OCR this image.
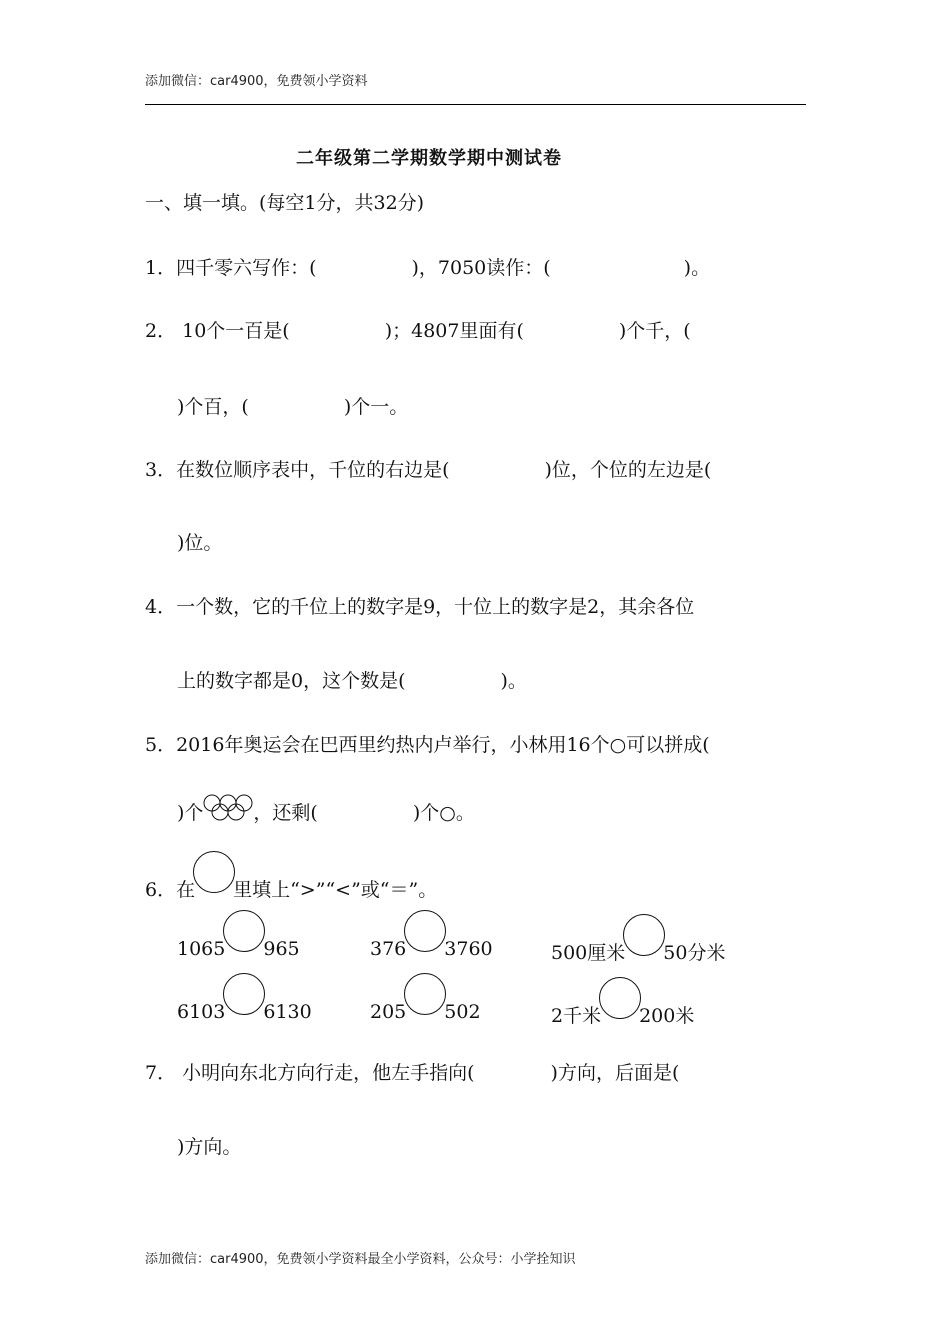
添加微信：car4900，免费领小学资料
二年级第二学期数学期中测试卷
一、填一填。(每空1分，共32分)
1．四千零六写作：(　　　　　)，7050读作：(　　　　　　　)。
2． 10个一百是(　　　　　)；4807里面有(　　　　　)个千，(
)个百，(　　　　　)个一。
3．在数位顺序表中，千位的右边是(　　　　　)位，个位的左边是(
)位。
4．一个数，它的千位上的数字是9，十位上的数字是2，其余各位
上的数字都是0，这个数是(　　　　　)。
5．2016年奥运会在巴西里约热内卢举行，小林用16个○可以拼成(
)个	，还剩(　　　　　)个○。
6．在 里填上“>”“<”或“＝”。
1065 965	376 3760	500厘米 50分米
6103 6130	205 502	2千米 200米
7． 小明向东北方向行走，他左手指向(　　　　)方向，后面是(
)方向。
添加微信：car4900，免费领小学资料最全小学资料，公众号：小学拴知识
